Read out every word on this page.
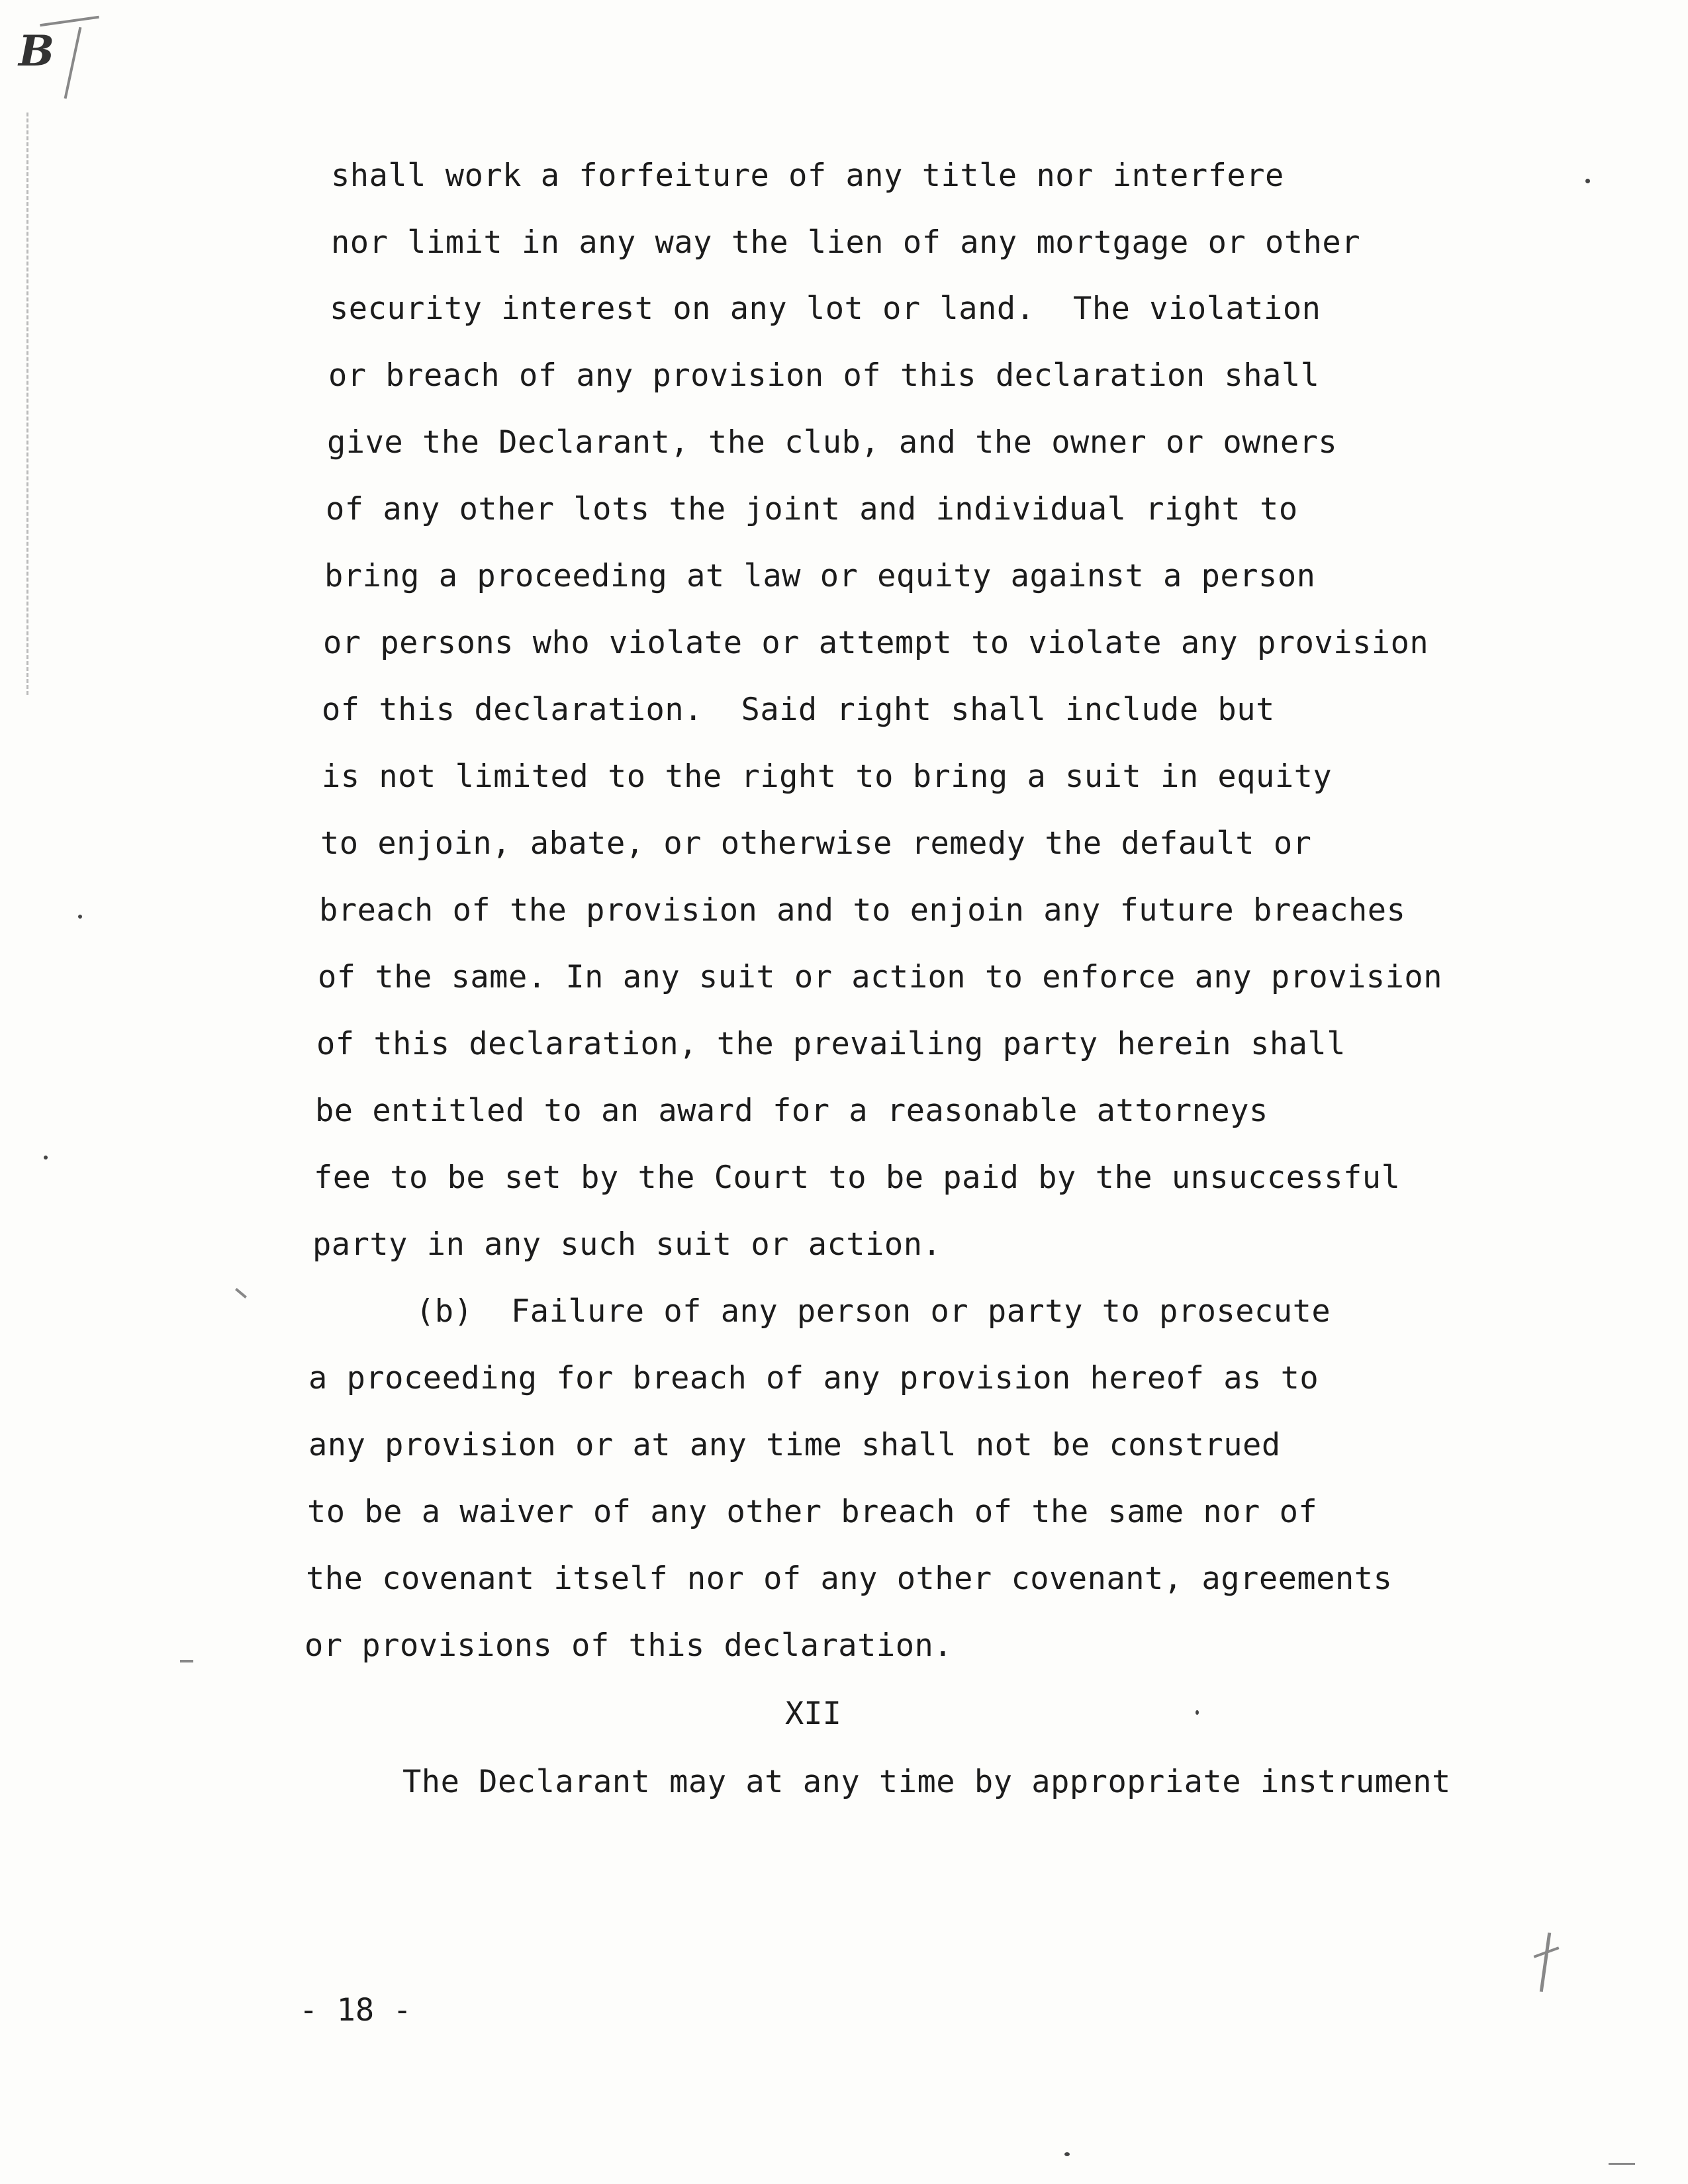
B
shall work a forfeiture of any title nor interfere
nor limit in any way the lien of any mortgage or other
security interest on any lot or land.  The violation
or breach of any provision of this declaration shall
give the Declarant, the club, and the owner or owners
of any other lots the joint and individual right to
bring a proceeding at law or equity against a person
or persons who violate or attempt to violate any provision
of this declaration.  Said right shall include but
is not limited to the right to bring a suit in equity
to enjoin, abate, or otherwise remedy the default or
breach of the provision and to enjoin any future breaches
of the same. In any suit or action to enforce any provision
of this declaration, the prevailing party herein shall
be entitled to an award for a reasonable attorneys
fee to be set by the Court to be paid by the unsuccessful
party in any such suit or action.
(b)  Failure of any person or party to prosecute
a proceeding for breach of any provision hereof as to
any provision or at any time shall not be construed
to be a waiver of any other breach of the same nor of
the covenant itself nor of any other covenant, agreements
or provisions of this declaration.
XII
The Declarant may at any time by appropriate instrument
- 18 -
